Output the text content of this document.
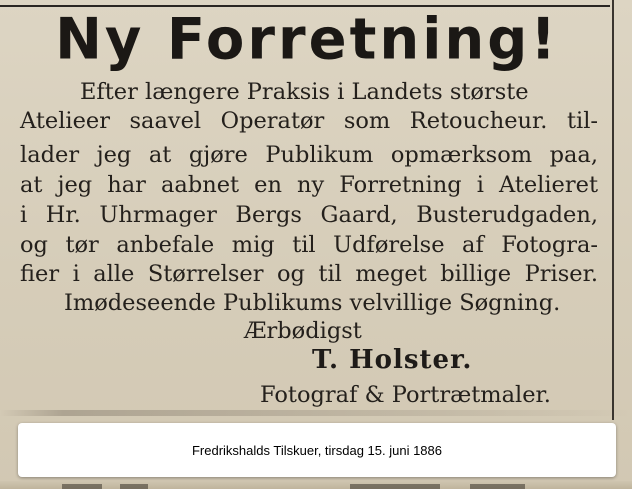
Ny Forretning!
Efter længere Praksis i Landets største
Atelieer saavel Operatør som Retoucheur. til-
lader jeg at gjøre Publikum opmærksom paa,
at jeg har aabnet en ny Forretning i Atelieret
i Hr. Uhrmager Bergs Gaard, Busterudgaden,
og tør anbefale mig til Udførelse af Fotogra-
fier i alle Størrelser og til meget billige Priser.
Imødeseende Publikums velvillige Søgning.
Ærbødigst
T. Holster.
Fotograf & Portrætmaler.
Fredrikshalds Tilskuer, tirsdag 15. juni 1886
